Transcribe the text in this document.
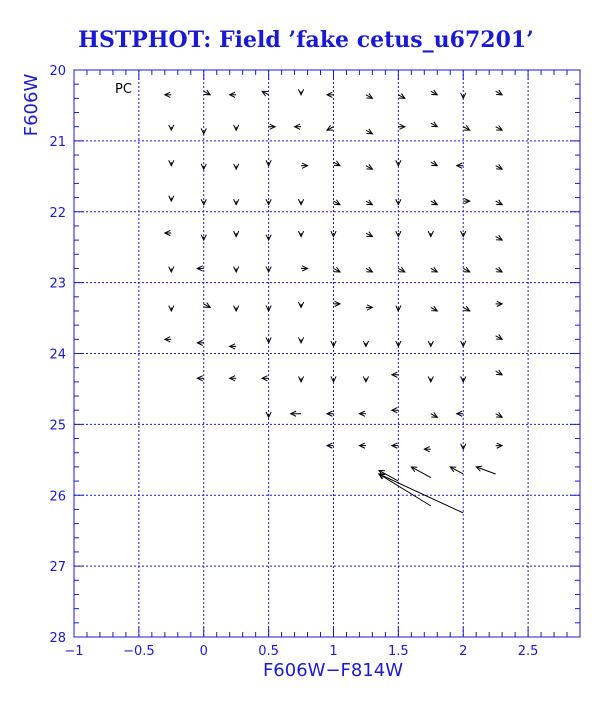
HSTPHOT: Field ’fake cetus_u67201’
−1	−0.5	0	0.5	1	1.5	2	2.5
20
21
22
23
24
25
26
27
28
F606W−F814W
F606W	PC
